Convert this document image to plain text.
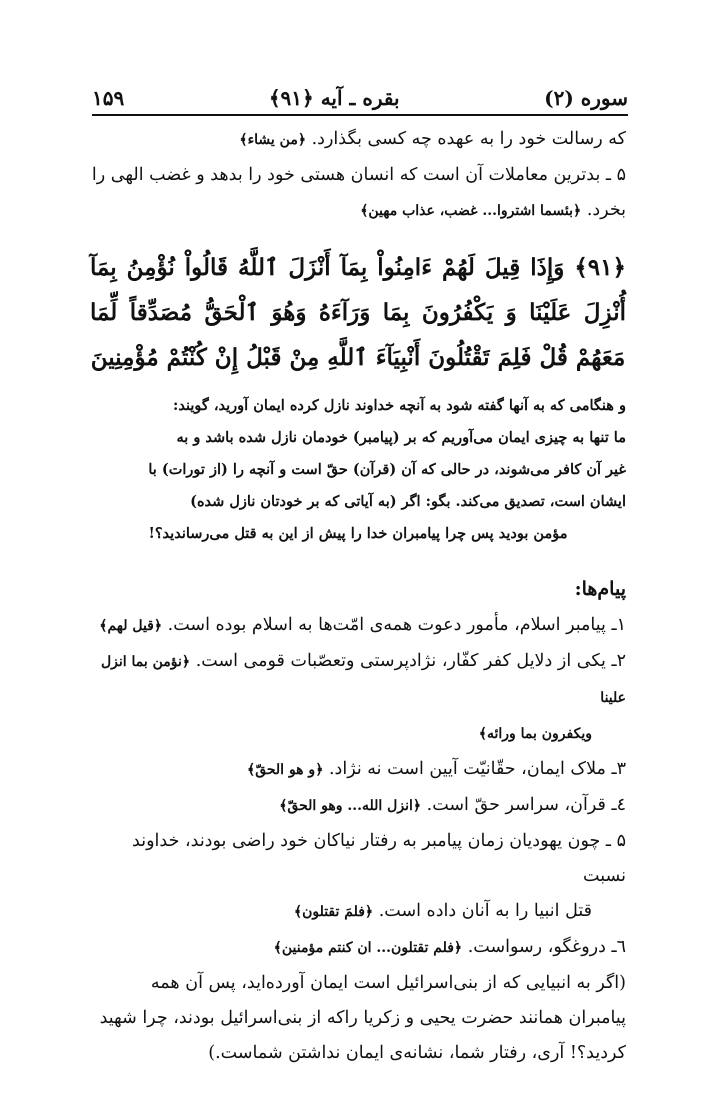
سوره (۲)
بقره ـ آیه ﴿۹۱﴾
۱۵۹
که رسالت خود را به عهده چه کسی بگذارد. ﴿من یشاء﴾
۵ ـ بدترین معاملات آن است که انسان هستی خود را بدهد و غضب الهی را
بخرد. ﴿بئسما اشتروا... غضب، عذاب مهین﴾
﴿۹۱﴾ وَإِذَا قِيلَ لَهُمْ ءَامِنُواْ بِمَآ أَنْزَلَ ٱللَّهُ قَالُواْ نُؤْمِنُ بِمَآ أُنْزِلَ عَلَيْنَا وَ يَكْفُرُونَ بِمَا وَرَآءَهُ وَهُوَ ٱلْحَقُّ مُصَدِّقاً لِّمَا مَعَهُمْ قُلْ فَلِمَ تَقْتُلُونَ أَنْبِيَآءَ ٱللَّهِ مِنْ قَبْلُ إِنْ كُنْتُمْ مُؤْمِنِينَ

و هنگامی که به آنها گفته شود به آنچه خداوند نازل کرده ایمان آورید، گویند:

ما تنها به چیزی ایمان می‌آوریم که بر (پیامبر) خودمان نازل شده باشد و به

غیر آن کافر می‌شوند، در حالی که آن (قرآن) حقّ است و آنچه را (از تورات) با

ایشان است، تصدیق می‌کند. بگو: اگر (به آیاتی که بر خودتان نازل شده)

مؤمن بودید پس چرا پیامبران خدا را پیش از این به قتل می‌رساندید؟!

پیام‌ها:

۱ـ پیامبر اسلام، مأمور دعوت همه‌ی امّت‌ها به اسلام بوده است. ﴿قیل لهم﴾

۲ـ یکی از دلایل کفر کفّار، نژادپرستی وتعصّبات قومی است. ﴿نؤمن بما انزل علینا

ویکفرون بما ورائه﴾

۳ـ ملاک ایمان، حقّانیّت آیین است نه نژاد. ﴿و هو الحقّ﴾

٤ـ قرآن، سراسر حقّ است. ﴿انزل الله... وهو الحقّ﴾

۵ ـ چون یهودیان زمان پیامبر به رفتار نیاکان خود راضی بودند، خداوند نسبت

قتل انبیا را به آنان داده است. ﴿فلمَ تقتلون﴾

٦ـ دروغگو، رسواست. ﴿فلم تقتلون... ان کنتم مؤمنین﴾

(اگر به انبیایی که از بنی‌اسرائیل است ایمان آورده‌اید، پس آن همه پیامبران همانند حضرت یحیی و زکریا راکه از بنی‌اسرائیل بودند، چرا شهید کردید؟! آری، رفتار شما، نشانه‌ی ایمان نداشتن شماست.)
